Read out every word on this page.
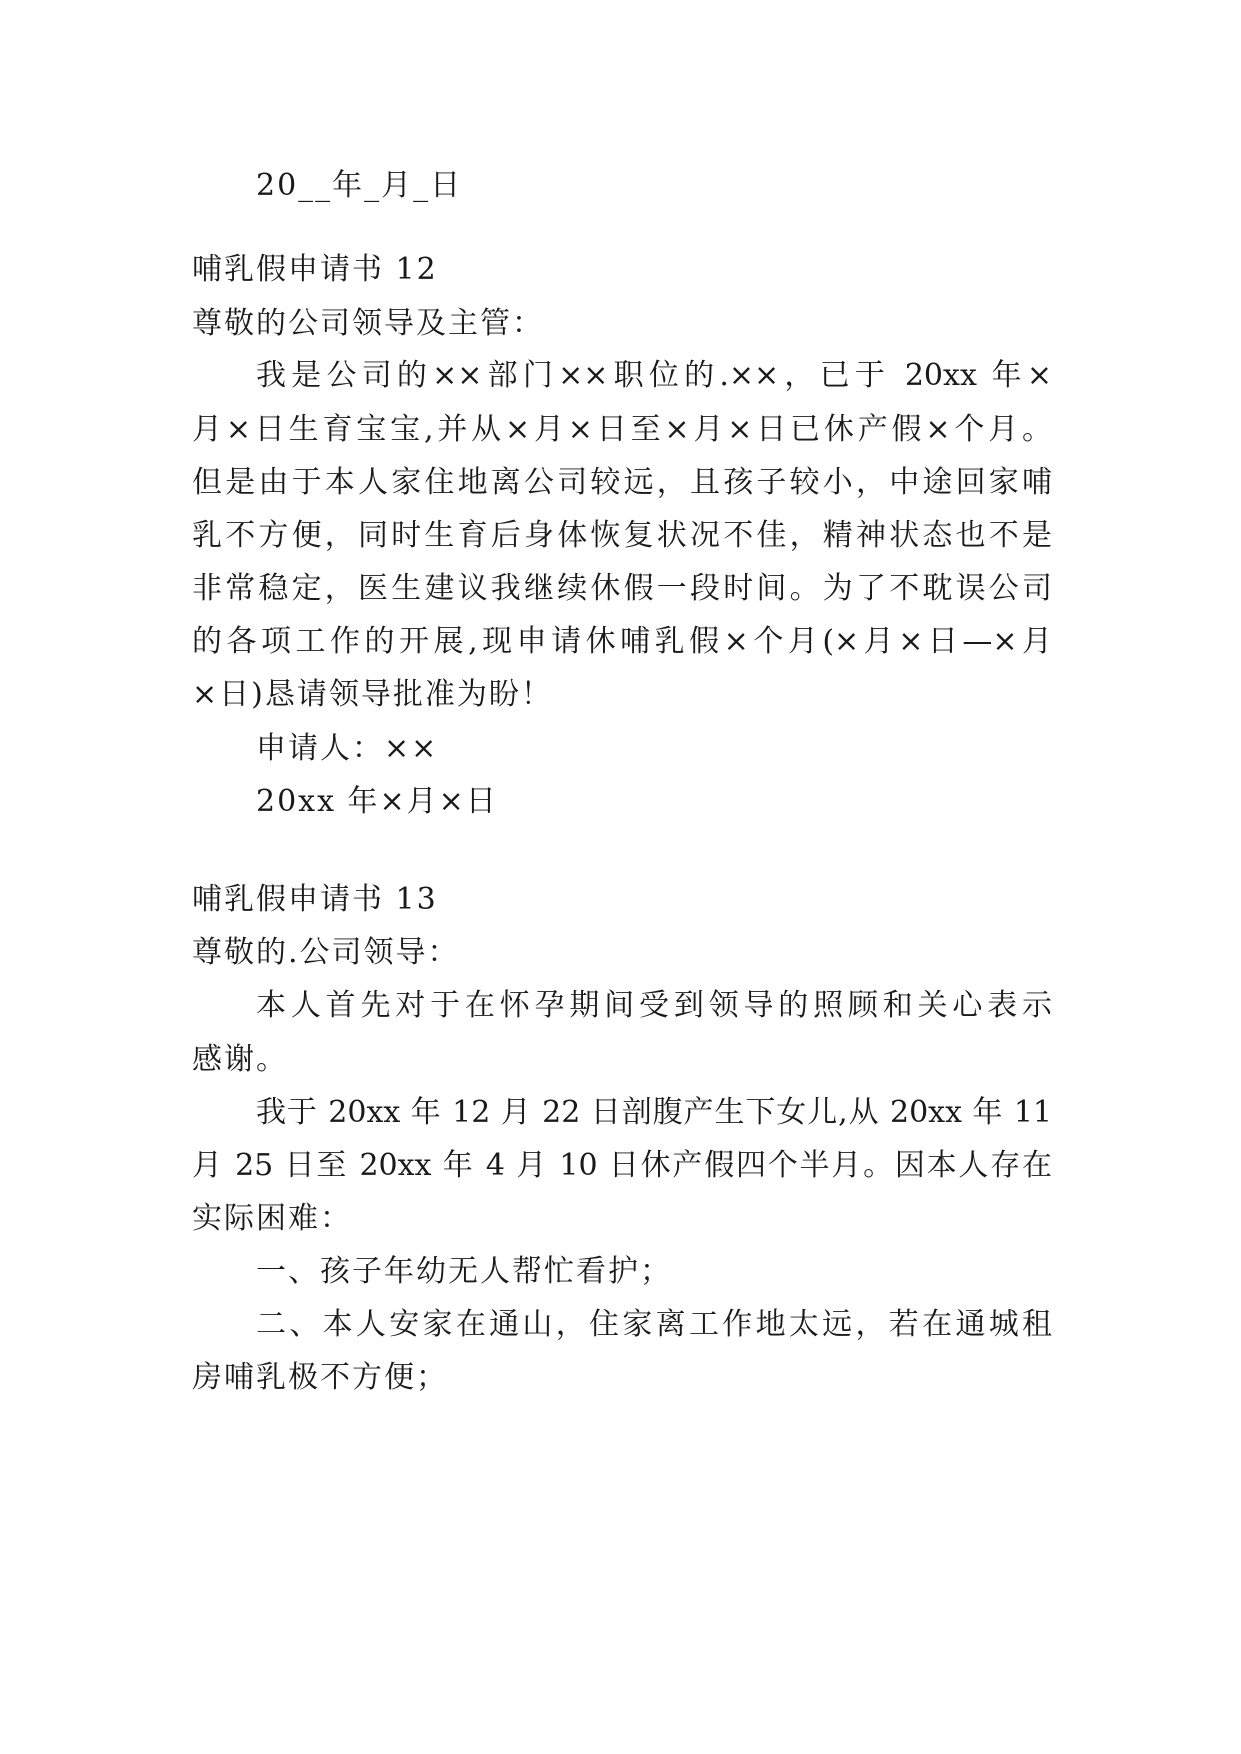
20__年_月_日
哺乳假申请书 12
尊敬的公司领导及主管：
我是公司的××部门××职位的.××，已于 20xx 年×
月×日生育宝宝,并从×月×日至×月×日已休产假×个月。
但是由于本人家住地离公司较远，且孩子较小，中途回家哺
乳不方便，同时生育后身体恢复状况不佳，精神状态也不是
非常稳定，医生建议我继续休假一段时间。为了不耽误公司
的各项工作的开展,现申请休哺乳假×个月(×月×日—×月
×日)恳请领导批准为盼！
申请人：××
20xx 年×月×日
哺乳假申请书 13
尊敬的.公司领导：
本人首先对于在怀孕期间受到领导的照顾和关心表示
感谢。
我于 20xx 年 12 月 22 日剖腹产生下女儿,从 20xx 年 11
月 25 日至 20xx 年 4 月 10 日休产假四个半月。因本人存在
实际困难：
一、孩子年幼无人帮忙看护；
二、本人安家在通山，住家离工作地太远，若在通城租
房哺乳极不方便；
